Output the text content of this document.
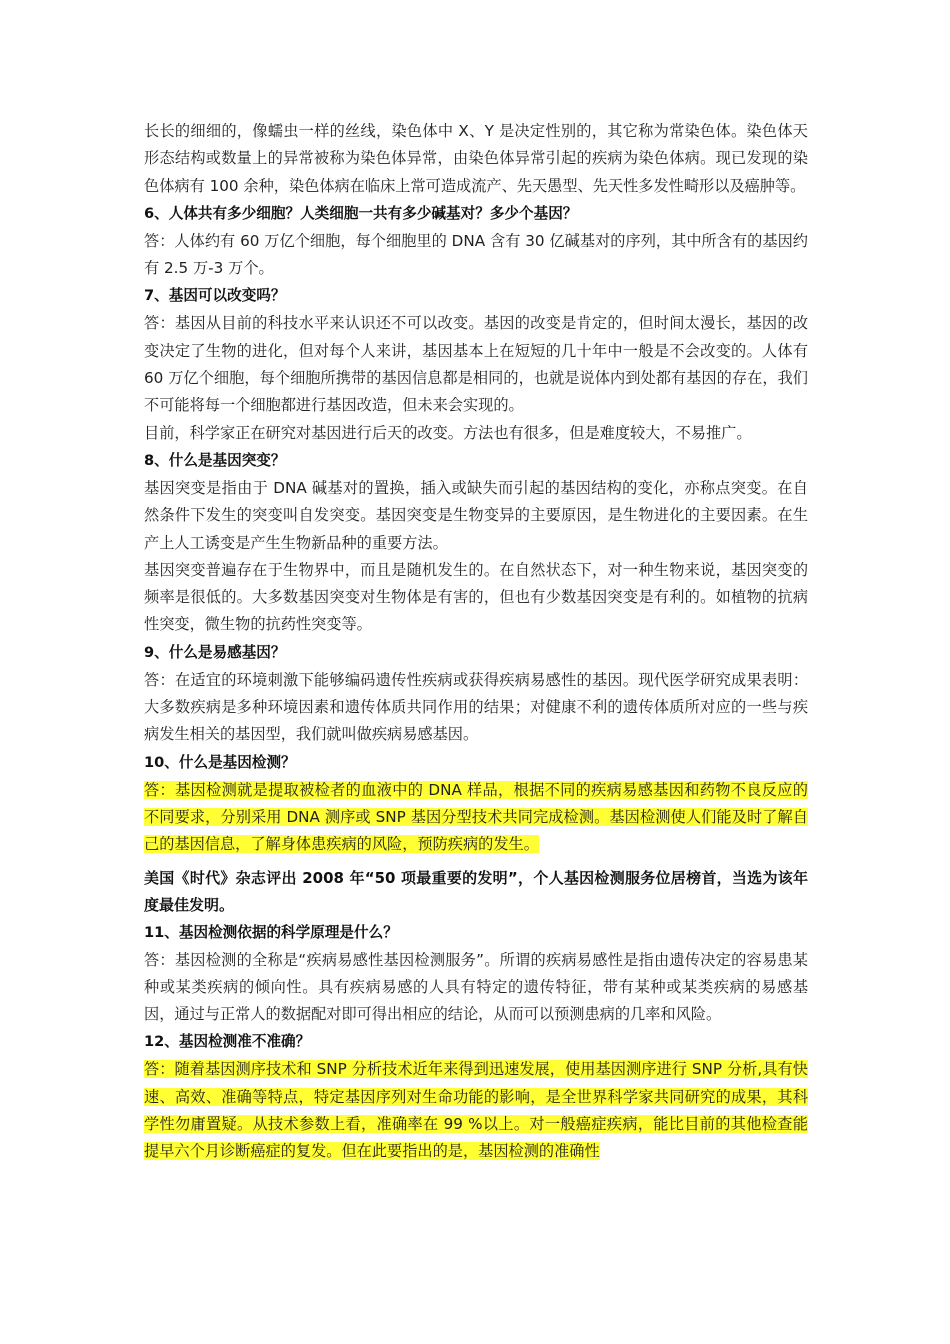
长长的细细的，像蠕虫一样的丝线，染色体中 X、Y 是决定性别的，其它称为常染色体。染色体天形态结构或数量上的异常被称为染色体异常，由染色体异常引起的疾病为染色体病。现已发现的染色体病有 100 余种，染色体病在临床上常可造成流产、先天愚型、先天性多发性畸形以及癌肿等。

6、人体共有多少细胞？人类细胞一共有多少碱基对？多少个基因？

答：人体约有 60 万亿个细胞，每个细胞里的 DNA 含有 30 亿碱基对的序列，其中所含有的基因约有 2.5 万-3 万个。

7、基因可以改变吗？

答：基因从目前的科技水平来认识还不可以改变。基因的改变是肯定的，但时间太漫长，基因的改变决定了生物的进化，但对每个人来讲，基因基本上在短短的几十年中一般是不会改变的。人体有 60 万亿个细胞，每个细胞所携带的基因信息都是相同的，也就是说体内到处都有基因的存在，我们不可能将每一个细胞都进行基因改造，但未来会实现的。

目前，科学家正在研究对基因进行后天的改变。方法也有很多，但是难度较大，不易推广。

8、什么是基因突变？

基因突变是指由于 DNA 碱基对的置换，插入或缺失而引起的基因结构的变化，亦称点突变。在自然条件下发生的突变叫自发突变。基因突变是生物变异的主要原因，是生物进化的主要因素。在生产上人工诱变是产生生物新品种的重要方法。

基因突变普遍存在于生物界中，而且是随机发生的。在自然状态下，对一种生物来说，基因突变的频率是很低的。大多数基因突变对生物体是有害的，但也有少数基因突变是有利的。如植物的抗病性突变，微生物的抗药性突变等。

9、什么是易感基因？

答：在适宜的环境刺激下能够编码遗传性疾病或获得疾病易感性的基因。现代医学研究成果表明：大多数疾病是多种环境因素和遗传体质共同作用的结果；对健康不利的遗传体质所对应的一些与疾病发生相关的基因型，我们就叫做疾病易感基因。

10、什么是基因检测？

答：基因检测就是提取被检者的血液中的 DNA 样品，根据不同的疾病易感基因和药物不良反应的不同要求，分别采用 DNA 测序或 SNP 基因分型技术共同完成检测。基因检测使人们能及时了解自己的基因信息，了解身体患疾病的风险，预防疾病的发生。

美国《时代》杂志评出 2008 年“50 项最重要的发明”，个人基因检测服务位居榜首，当选为该年度最佳发明。

11、基因检测依据的科学原理是什么？

答：基因检测的全称是“疾病易感性基因检测服务”。所谓的疾病易感性是指由遗传决定的容易患某种或某类疾病的倾向性。具有疾病易感的人具有特定的遗传特征，带有某种或某类疾病的易感基因，通过与正常人的数据配对即可得出相应的结论，从而可以预测患病的几率和风险。

12、基因检测准不准确？

答：随着基因测序技术和 SNP 分析技术近年来得到迅速发展，使用基因测序进行 SNP 分析,具有快速、高效、准确等特点，特定基因序列对生命功能的影响，是全世界科学家共同研究的成果，其科学性勿庸置疑。从技术参数上看，准确率在 99 %以上。对一般癌症疾病，能比目前的其他检查能提早六个月诊断癌症的复发。但在此要指出的是，基因检测的准确性
